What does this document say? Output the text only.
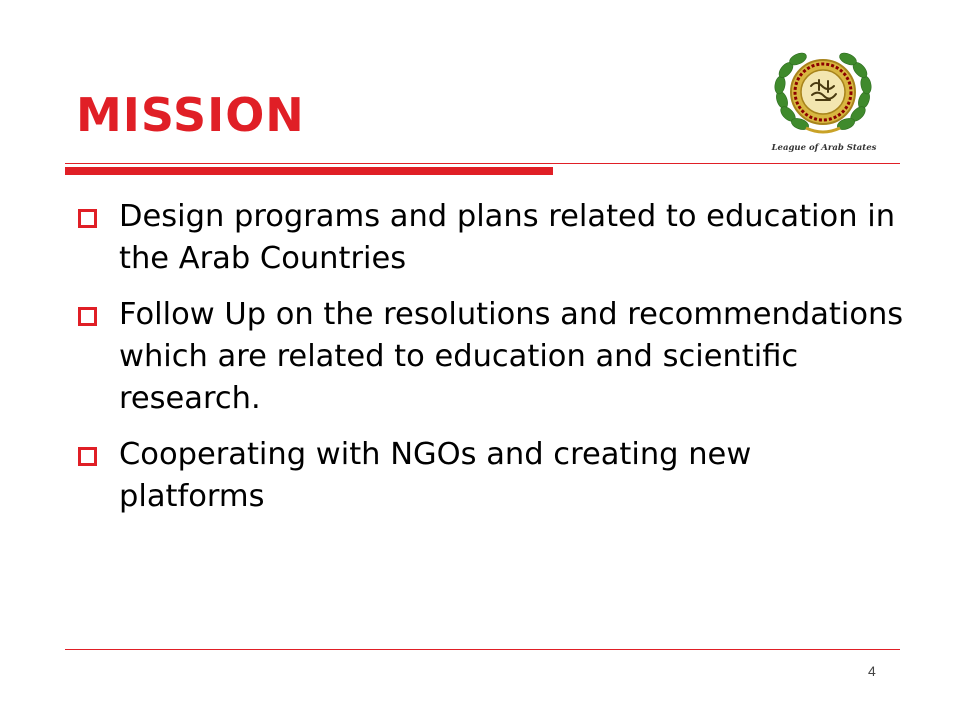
MISSION
League of Arab States
Design programs and plans related to education in the Arab Countries
Follow Up on the resolutions and recommendations which are related to education and scientific research.
Cooperating with NGOs and creating new platforms
4
